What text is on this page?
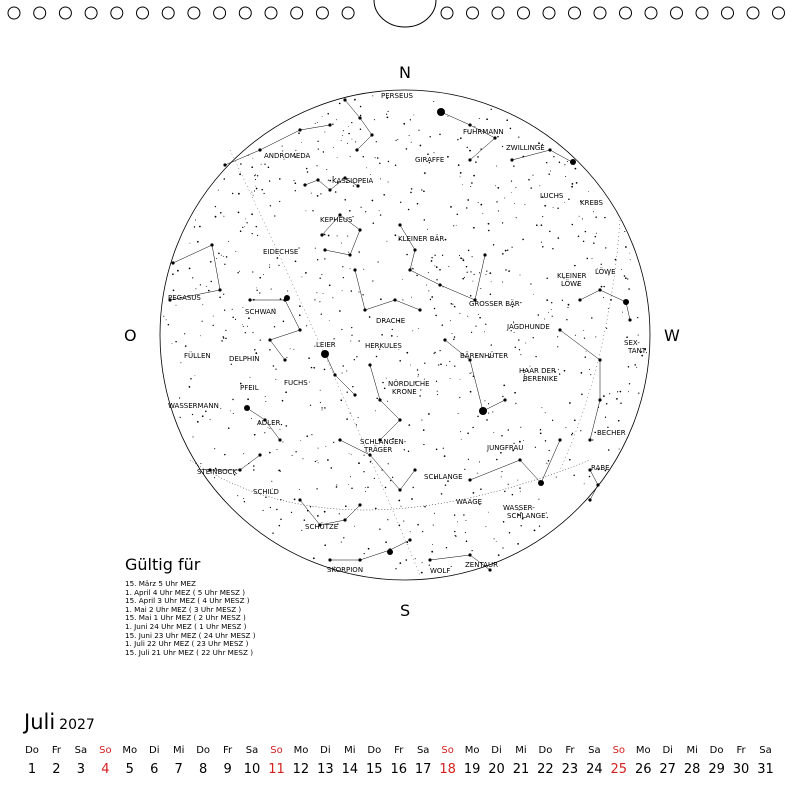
PERSEUS
FUHRMANN
ANDROMEDA	GIRAFFE
ZWILLINGE
KASSIOPEIA
LUCHS
KREBS
KEPHEUS
KLEINER BÄR
EIDECHSE
LÖWE
KLEINER LÖWE
PEGASUS
GROSSER BÄR
SCHWAN
DRACHE
JAGDHUNDE
SEX-TANT
LEIER	HERKULES
FÜLLEN	DELPHIN	BÄRENHÜTER
HAAR DER BERENIKE
FUCHS
PFEIL	NÖRDLICHE KRONE
WASSERMANN
ADLER
BECHER
SCHLANGEN-TRÄGER	JUNGFRAU
STEINBOCK	RABE
SCHLANGE
SCHILD
WAAGE
WASSER-SCHLANGE
SCHÜTZE
SKORPION	WOLF
ZENTAUR
N
S
O	W
Gültig für
15. März 5 Uhr MEZ
1. April 4 Uhr MEZ ( 5 Uhr MESZ )
15. April 3 Uhr MEZ ( 4 Uhr MESZ )
1. Mai 2 Uhr MEZ ( 3 Uhr MESZ )
15. Mai 1 Uhr MEZ ( 2 Uhr MESZ )
1. Juni 24 Uhr MEZ ( 1 Uhr MESZ )
15. Juni 23 Uhr MEZ ( 24 Uhr MESZ )
1. Juli 22 Uhr MEZ ( 23 Uhr MESZ )
15. Juli 21 Uhr MEZ ( 22 Uhr MESZ )
Juli 2027
Do
1
Fr
2
Sa
3
So
4
Mo
5
Di
6
Mi
7
Do
8
Fr
9
Sa
10
So
11
Mo
12
Di
13
Mi
14
Do
15
Fr
16
Sa
17
So
18
Mo
19
Di
20
Mi
21
Do
22
Fr
23
Sa
24
So
25
Mo
26
Di
27
Mi
28
Do
29
Fr
30
Sa
31
